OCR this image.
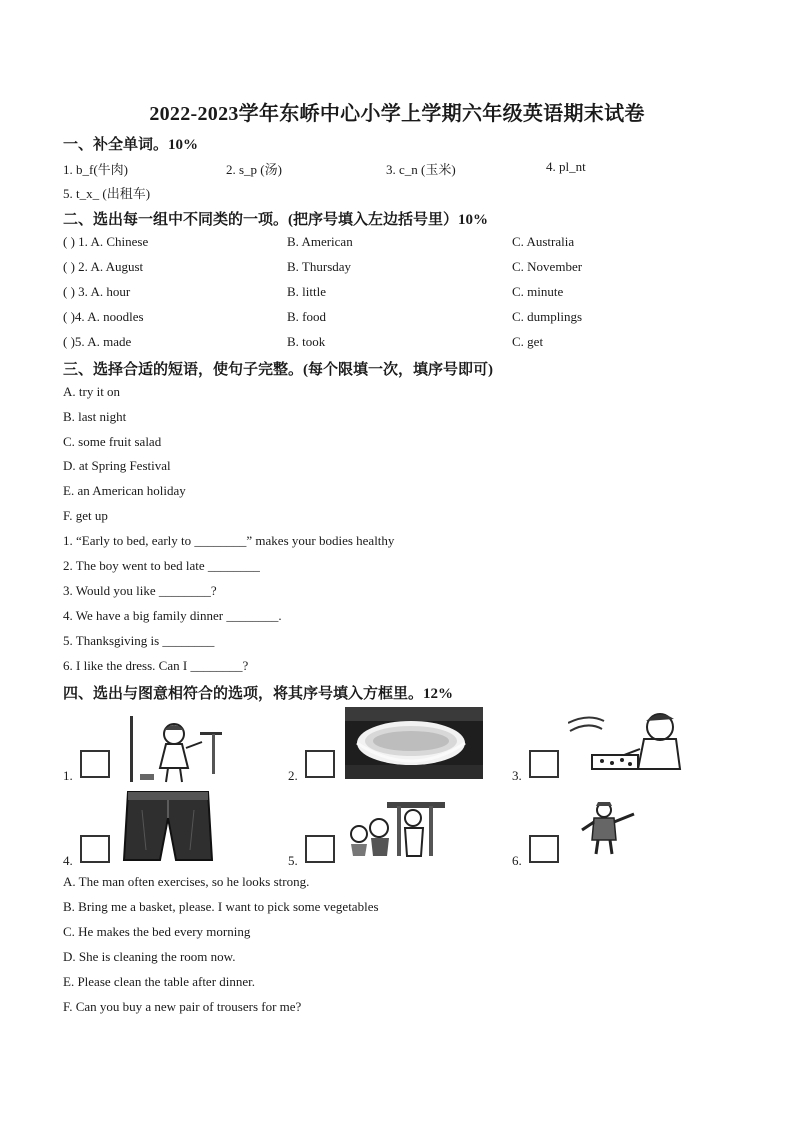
2022-2023学年东峤中心小学上学期六年级英语期末试卷
一、补全单词。10%
1. b_f(牛肉)	2. s_p (汤)	3. c_n (玉米)	4. pl_nt
5. t_x_ (出租车)
二、选出每一组中不同类的一项。(把序号填入左边括号里）10%
( ) 1. A. Chinese	B. American	C. Australia
( ) 2. A. August	B. Thursday	C. November
( ) 3. A. hour	B. little	C. minute
( )4. A. noodles	B. food	C. dumplings
( )5. A. made	B. took	C. get
三、选择合适的短语，使句子完整。(每个限填一次，填序号即可)
A. try it on
B. last night
C. some fruit salad
D. at Spring Festival
E. an American holiday
F. get up
1. “Early to bed, early to ________” makes your bodies healthy
2. The boy went to bed late ________
3. Would you like ________?
4. We have a big family dinner ________.
5. Thanksgiving is ________
6. I like the dress. Can I ________?
四、选出与图意相符合的选项，将其序号填入方框里。12%
1.	2.	3.
4.	5.	6.
A. The man often exercises, so he looks strong.
B. Bring me a basket, please. I want to pick some vegetables
C. He makes the bed every morning
D. She is cleaning the room now.
E. Please clean the table after dinner.
F. Can you buy a new pair of trousers for me?
